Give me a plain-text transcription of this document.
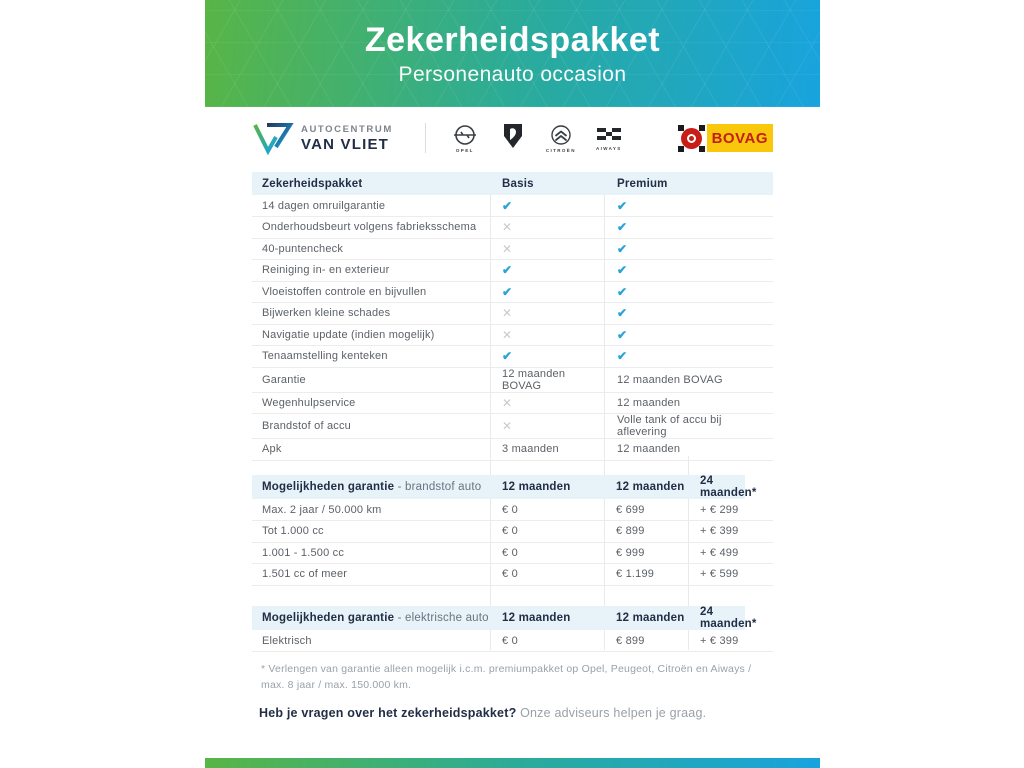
Zekerheidspakket
Personenauto occasion
AUTOCENTRUM
VAN VLIET	OPEL	CITROËN	AIWAYS
BOVAG
Zekerheidspakket	Basis	Premium
14 dagen omruilgarantie	✔	✔
Onderhoudsbeurt volgens fabrieksschema	✕	✔
40-puntencheck	✕	✔
Reiniging in- en exterieur	✔	✔
Vloeistoffen controle en bijvullen	✔	✔
Bijwerken kleine schades	✕	✔
Navigatie update (indien mogelijk)	✕	✔
Tenaamstelling kenteken	✔	✔
Garantie	12 maanden BOVAG	12 maanden BOVAG
Wegenhulpservice	✕	12 maanden
Brandstof of accu	✕	Volle tank of accu bij aflevering
Apk	3 maanden	12 maanden
Mogelijkheden garantie - brandstof auto	12 maanden	12 maanden	24 maanden*
Max. 2 jaar / 50.000 km	€ 0	€ 699	+ € 299
Tot 1.000 cc	€ 0	€ 899	+ € 399
1.001 - 1.500 cc	€ 0	€ 999	+ € 499
1.501 cc of meer	€ 0	€ 1.199	+ € 599
Mogelijkheden garantie - elektrische auto	12 maanden	12 maanden	24 maanden*
Elektrisch	€ 0	€ 899	+ € 399
* Verlengen van garantie alleen mogelijk i.c.m. premiumpakket op Opel, Peugeot, Citroën en Aiways / max. 8 jaar / max. 150.000 km.
Heb je vragen over het zekerheidspakket? Onze adviseurs helpen je graag.
